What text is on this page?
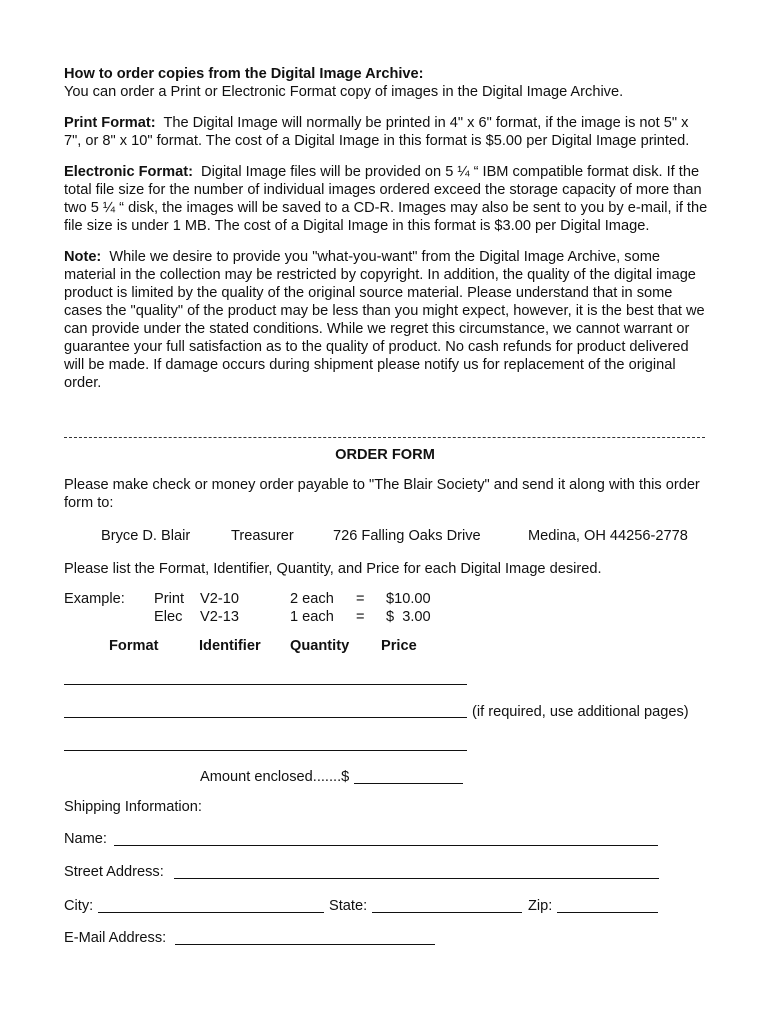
How to order copies from the Digital Image Archive:
You can order a Print or Electronic Format copy of images in the Digital Image Archive.

Print Format: The Digital Image will normally be printed in 4" x 6" format, if the image is not 5" x 7", or 8" x 10" format. The cost of a Digital Image in this format is $5.00 per Digital Image printed.

Electronic Format: Digital Image files will be provided on 5 ¼ “ IBM compatible format disk. If the total file size for the number of individual images ordered exceed the storage capacity of more than two 5 ¼ “ disk, the images will be saved to a CD-R. Images may also be sent to you by e-mail, if the file size is under 1 MB. The cost of a Digital Image in this format is $3.00 per Digital Image.

Note: While we desire to provide you "what-you-want" from the Digital Image Archive, some material in the collection may be restricted by copyright. In addition, the quality of the digital image product is limited by the quality of the original source material. Please understand that in some cases the "quality" of the product may be less than you might expect, however, it is the best that we can provide under the stated conditions. While we regret this circumstance, we cannot warrant or guarantee your full satisfaction as to the quality of product. No cash refunds for product delivered will be made. If damage occurs during shipment please notify us for replacement of the original order.

ORDER FORM
Please make check or money order payable to "The Blair Society" and send it along with this order form to:
Bryce D. Blair	Treasurer	726 Falling Oaks Drive	Medina, OH 44256-2778
Please list the Format, Identifier, Quantity, and Price for each Digital Image desired.
Example: Print V2-10	2 each = $10.00
Elec V2-13	1 each = $  3.00
Format	Identifier Quantity Price
(if required, use additional pages)
Amount enclosed.......$
Shipping Information:
Name:
Street Address:
City:	State:	Zip:
E-Mail Address:
